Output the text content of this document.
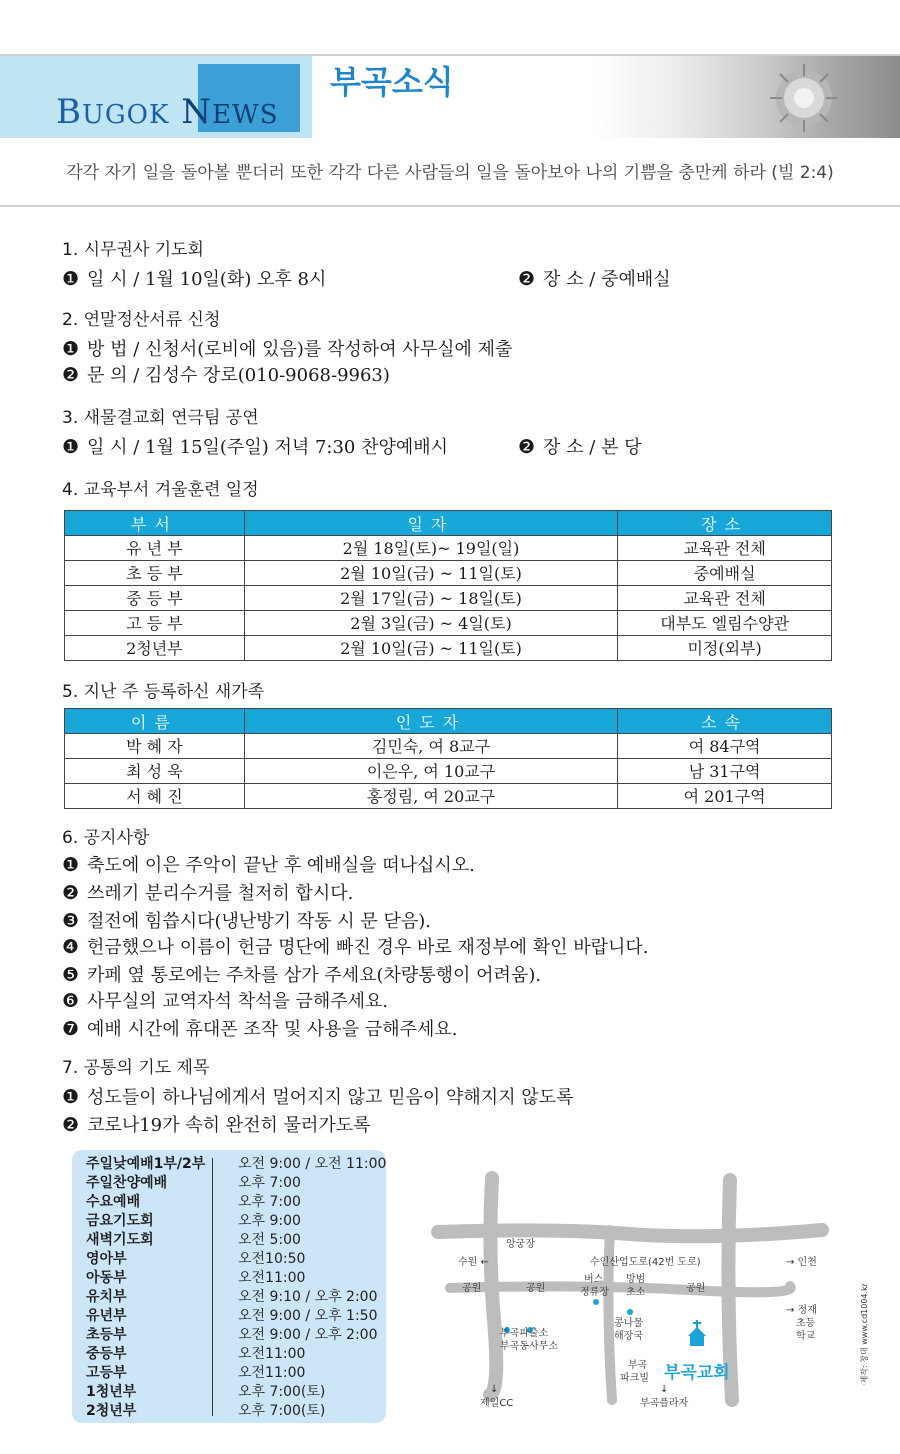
BUGOK NEWS
부곡소식
각각 자기 일을 돌아볼 뿐더러 또한 각각 다른 사람들의 일을 돌아보아 나의 기쁨을 충만케 하라 (빌 2:4)
1. 시무권사 기도회
❶ 일 시 / 1월 10일(화) 오후 8시	❷ 장 소 / 중예배실
2. 연말정산서류 신청
❶ 방 법 / 신청서(로비에 있음)를 작성하여 사무실에 제출
❷ 문 의 / 김성수 장로(010-9068-9963)
3. 새물결교회 연극팀 공연
❶ 일 시 / 1월 15일(주일) 저녁 7:30 찬양예배시	❷ 장 소 / 본 당
4. 교육부서 겨울훈련 일정
부서	일자	장소
유 년 부	2월 18일(토)~ 19일(일)	교육관 전체
초 등 부	2월 10일(금) ~ 11일(토)	중예배실
중 등 부	2월 17일(금) ~ 18일(토)	교육관 전체
고 등 부	2월 3일(금) ~ 4일(토)	대부도 엘림수양관
2청년부	2월 10일(금) ~ 11일(토)	미정(외부)
5. 지난 주 등록하신 새가족
이름	인도자	소속
박 혜 자	김민숙, 여 8교구	여 84구역
최 성 욱	이은우, 여 10교구	남 31구역
서 혜 진	홍정림, 여 20교구	여 201구역
6. 공지사항
❶ 축도에 이은 주악이 끝난 후 예배실을 떠나십시오.
❷ 쓰레기 분리수거를 철저히 합시다.
❸ 절전에 힘씁시다(냉난방기 작동 시 문 닫음).
❹ 헌금했으나 이름이 헌금 명단에 빠진 경우 바로 재정부에 확인 바랍니다.
❺ 카페 옆 통로에는 주차를 삼가 주세요(차량통행이 어려움).
❻ 사무실의 교역자석 착석을 금해주세요.
❼ 예배 시간에 휴대폰 조작 및 사용을 금해주세요.
7. 공통의 기도 제목
❶ 성도들이 하나님에게서 멀어지지 않고 믿음이 약해지지 않도록
❷ 코로나19가 속히 완전히 물러가도록
주일낮예배1부/2부	오전 9:00 / 오전 11:00
주일찬양예배	오후 7:00
수요예배	오후 7:00
금요기도회	오후 9:00
새벽기도회	오전 5:00
영아부	오전10:50
아동부	오전11:00
유치부	오전 9:10 / 오후 2:00
유년부	오전 9:00 / 오후 1:50
초등부	오전 9:00 / 오후 2:00
중등부	오전11:00
고등부	오전11:00
1청년부	오후 7:00(토)
2청년부	오후 7:00(토)
앙궁장
수원 ←	수인산업도로(42번 도로)	→ 인천
공원	공원
버스
정류장
방범
초소	공원
→ 정재
초등
학교
부곡파출소
부곡동사무소
콩나물
해장국
부곡
파크빌
↓
제일CC
↓
부곡플라자
부곡교회	·제작: 창대 www.cd1004.kr
